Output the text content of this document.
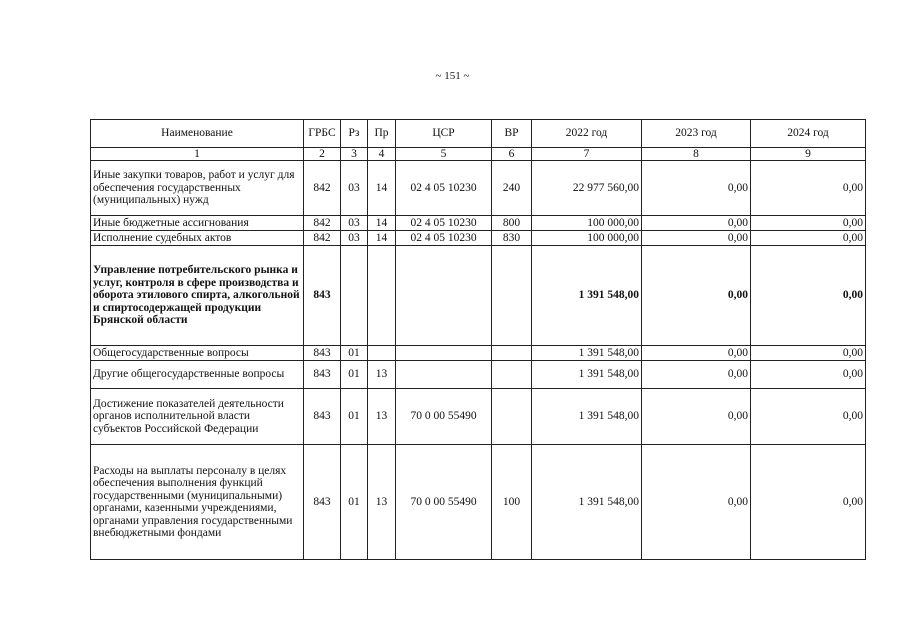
~ 151 ~
Наименование	ГРБС	Рз	Пр	ЦСР	ВР	2022 год	2023 год	2024 год
1	2	3	4	5	6	7	8	9
Иные закупки товаров, работ и услуг для обеспечения государственных (муниципальных) нужд	842	03	14	02 4 05 10230	240	22 977 560,00	0,00	0,00
Иные бюджетные ассигнования	842	03	14	02 4 05 10230	800	100 000,00	0,00	0,00
Исполнение судебных актов	842	03	14	02 4 05 10230	830	100 000,00	0,00	0,00
Управление потребительского рынка и услуг, контроля в сфере производства и оборота этилового спирта, алкогольной и спиртосодержащей продукции Брянской области	843					1 391 548,00	0,00	0,00
Общегосударственные вопросы	843	01				1 391 548,00	0,00	0,00
Другие общегосударственные вопросы	843	01	13			1 391 548,00	0,00	0,00
Достижение показателей деятельности органов исполнительной власти субъектов Российской Федерации	843	01	13	70 0 00 55490		1 391 548,00	0,00	0,00
Расходы на выплаты персоналу в целях обеспечения выполнения функций государственными (муниципальными) органами, казенными учреждениями, органами управления государственными внебюджетными фондами	843	01	13	70 0 00 55490	100	1 391 548,00	0,00	0,00
